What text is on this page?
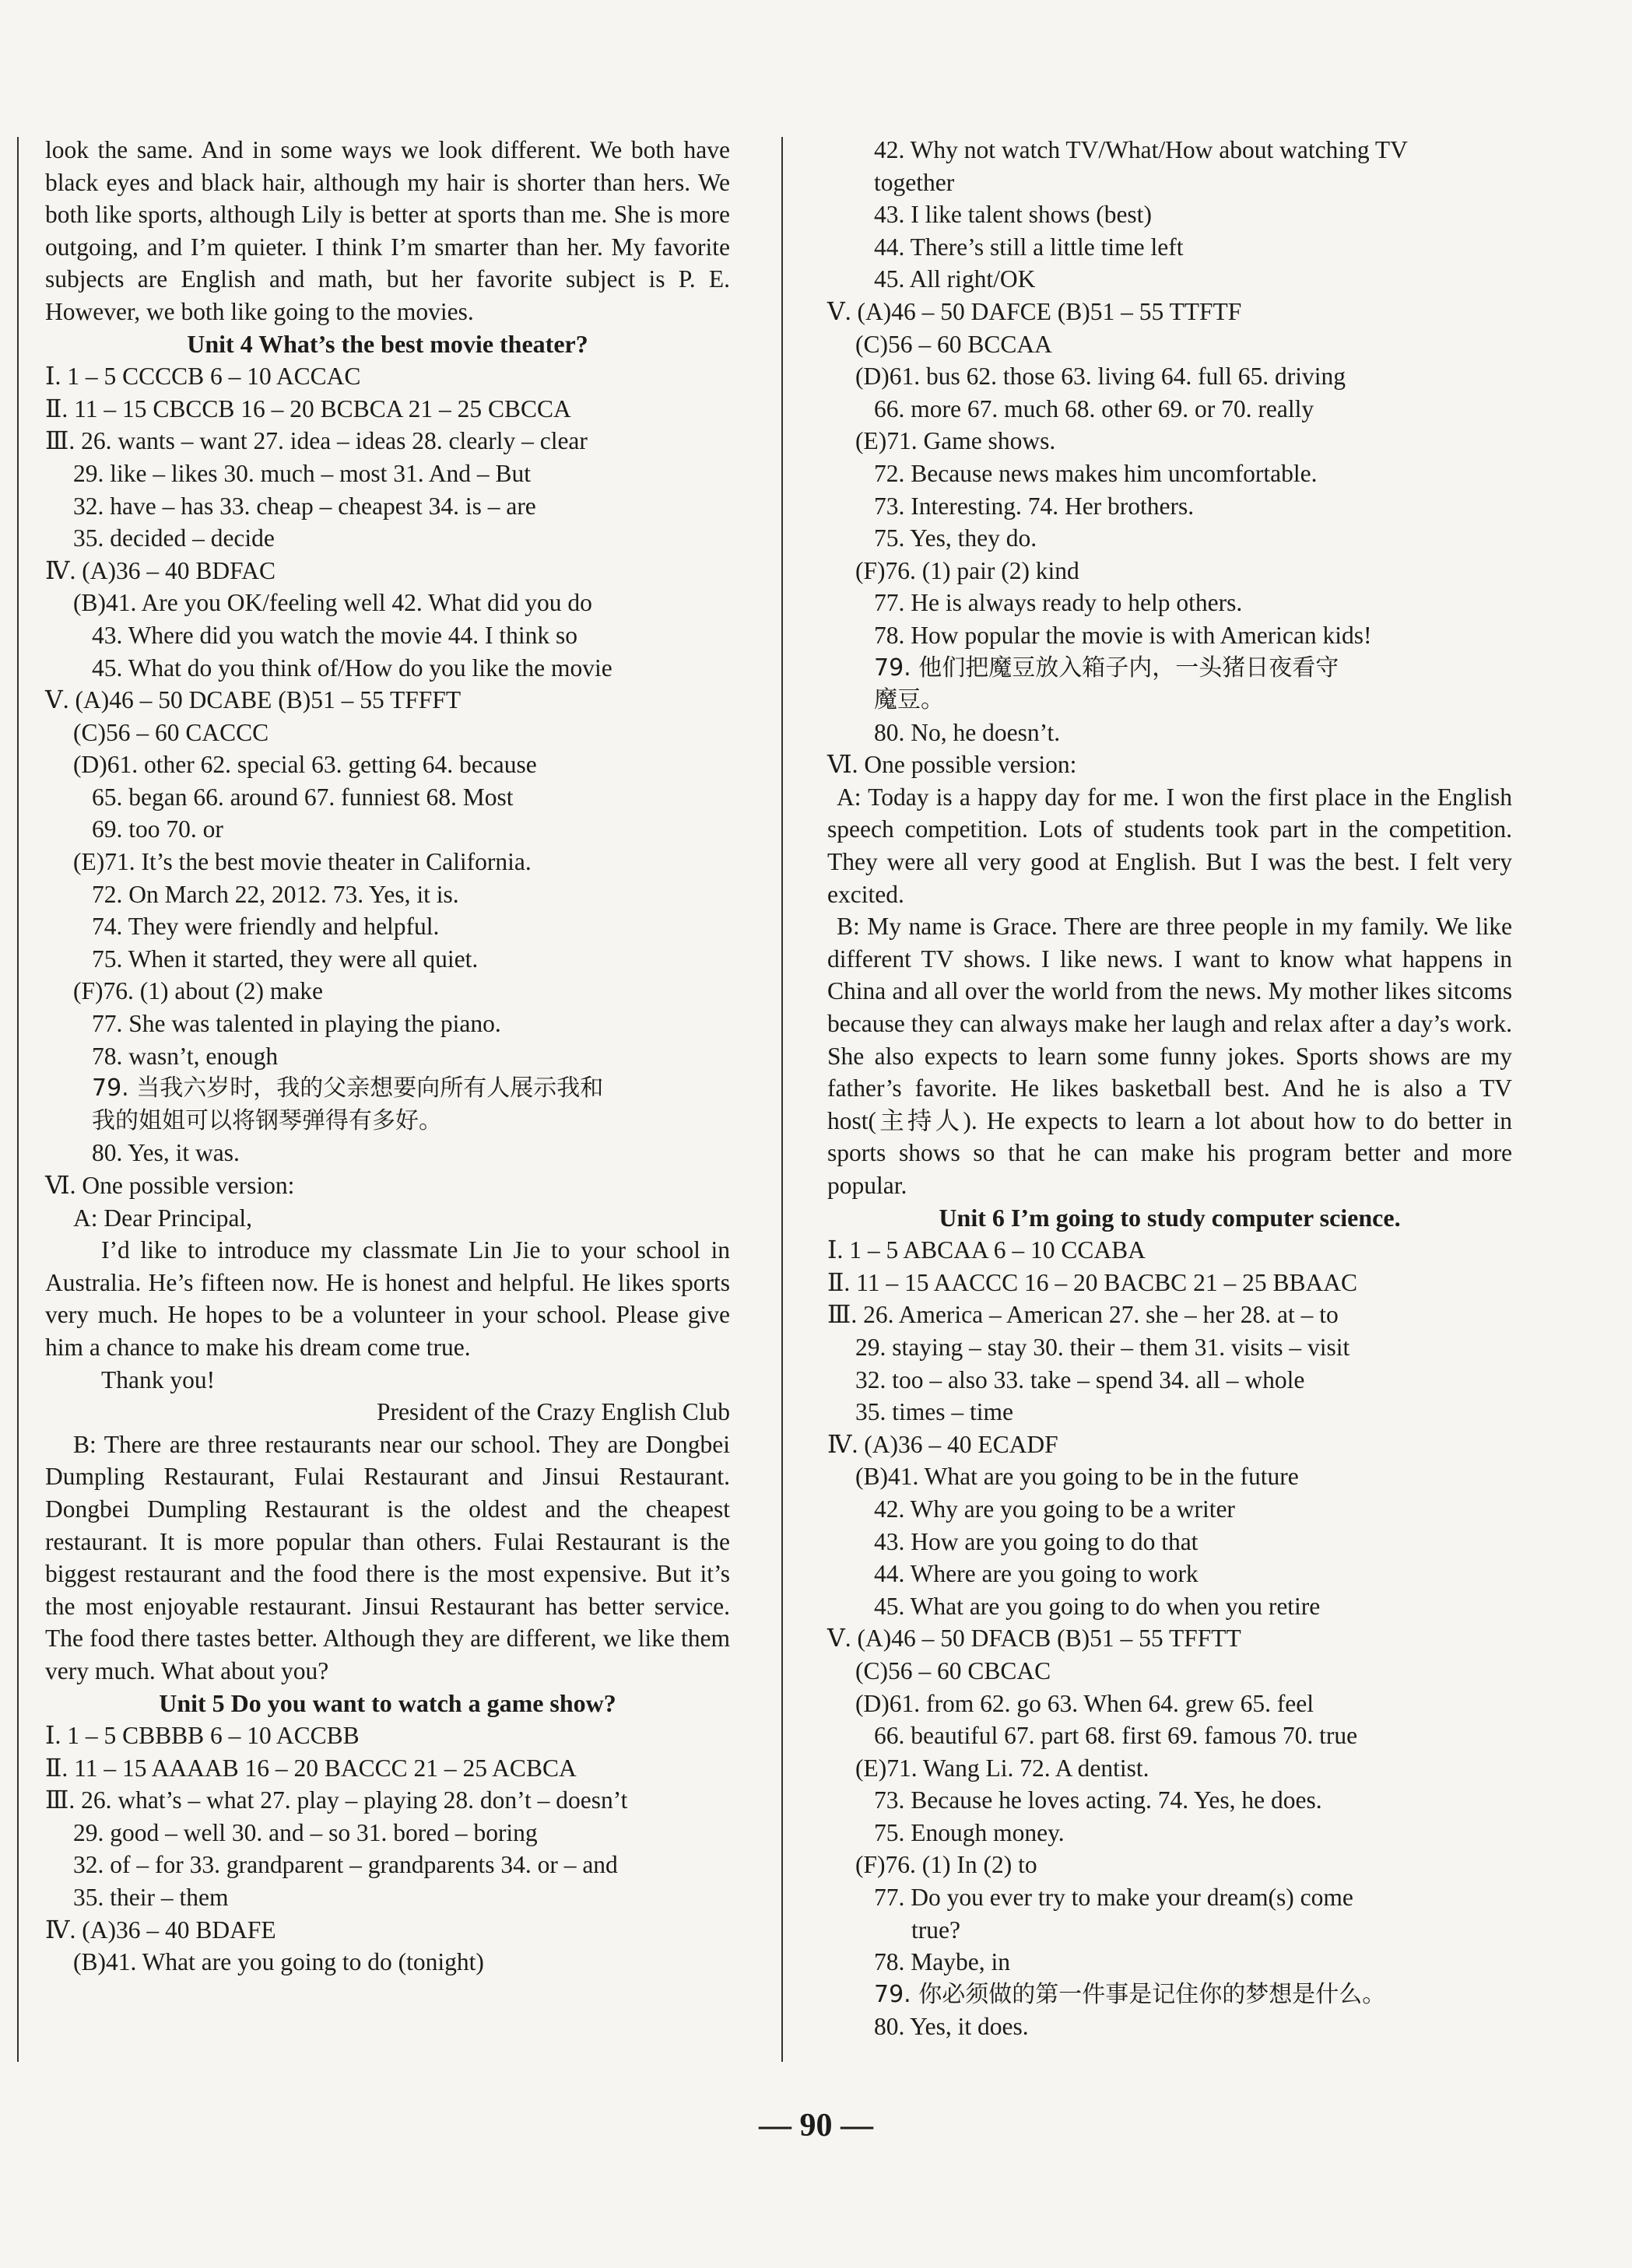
look the same. And in some ways we look different. We both have black eyes and black hair, although my hair is shorter than hers. We both like sports, although Lily is better at sports than me. She is more outgoing, and I’m quieter. I think I’m smarter than her. My favorite subjects are English and math, but her favorite subject is P. E. However, we both like going to the movies.
Unit 4 What’s the best movie theater?
Ⅰ. 1 – 5 CCCCB 6 – 10 ACCAC
Ⅱ. 11 – 15 CBCCB 16 – 20 BCBCA 21 – 25 CBCCA
Ⅲ. 26. wants – want 27. idea – ideas 28. clearly – clear
29. like – likes 30. much – most 31. And – But
32. have – has 33. cheap – cheapest 34. is – are
35. decided – decide
Ⅳ. (A)36 – 40 BDFAC
(B)41. Are you OK/feeling well 42. What did you do
43. Where did you watch the movie 44. I think so
45. What do you think of/How do you like the movie
Ⅴ. (A)46 – 50 DCABE (B)51 – 55 TFFFT
(C)56 – 60 CACCC
(D)61. other 62. special 63. getting 64. because
65. began 66. around 67. funniest 68. Most
69. too 70. or
(E)71. It’s the best movie theater in California.
72. On March 22, 2012. 73. Yes, it is.
74. They were friendly and helpful.
75. When it started, they were all quiet.
(F)76. (1) about (2) make
77. She was talented in playing the piano.
78. wasn’t, enough
79. 当我六岁时，我的父亲想要向所有人展示我和
我的姐姐可以将钢琴弹得有多好。
80. Yes, it was.
Ⅵ. One possible version:
A: Dear Principal,
I’d like to introduce my classmate Lin Jie to your school in Australia. He’s fifteen now. He is honest and helpful. He likes sports very much. He hopes to be a volunteer in your school. Please give him a chance to make his dream come true.
Thank you!
President of the Crazy English Club
B: There are three restaurants near our school. They are Dongbei Dumpling Restaurant, Fulai Restaurant and Jinsui Restaurant. Dongbei Dumpling Restaurant is the oldest and the cheapest restaurant. It is more popular than others. Fulai Restaurant is the biggest restaurant and the food there is the most expensive. But it’s the most enjoyable restaurant. Jinsui Restaurant has better service. The food there tastes better. Although they are different, we like them very much. What about you?
Unit 5 Do you want to watch a game show?
Ⅰ. 1 – 5 CBBBB 6 – 10 ACCBB
Ⅱ. 11 – 15 AAAAB 16 – 20 BACCC 21 – 25 ACBCA
Ⅲ. 26. what’s – what 27. play – playing 28. don’t – doesn’t
29. good – well 30. and – so 31. bored – boring
32. of – for 33. grandparent – grandparents 34. or – and
35. their – them
Ⅳ. (A)36 – 40 BDAFE
(B)41. What are you going to do (tonight)
42. Why not watch TV/What/How about watching TV
together
43. I like talent shows (best)
44. There’s still a little time left
45. All right/OK
Ⅴ. (A)46 – 50 DAFCE (B)51 – 55 TTFTF
(C)56 – 60 BCCAA
(D)61. bus 62. those 63. living 64. full 65. driving
66. more 67. much 68. other 69. or 70. really
(E)71. Game shows.
72. Because news makes him uncomfortable.
73. Interesting. 74. Her brothers.
75. Yes, they do.
(F)76. (1) pair (2) kind
77. He is always ready to help others.
78. How popular the movie is with American kids!
79. 他们把魔豆放入箱子内，一头猪日夜看守
魔豆。
80. No, he doesn’t.
Ⅵ. One possible version:
A: Today is a happy day for me. I won the first place in the English speech competition. Lots of students took part in the competition. They were all very good at English. But I was the best. I felt very excited.
B: My name is Grace. There are three people in my family. We like different TV shows. I like news. I want to know what happens in China and all over the world from the news. My mother likes sitcoms because they can always make her laugh and relax after a day’s work. She also expects to learn some funny jokes. Sports shows are my father’s favorite. He likes basketball best. And he is also a TV host(主持人). He expects to learn a lot about how to do better in sports shows so that he can make his program better and more popular.
Unit 6 I’m going to study computer science.
Ⅰ. 1 – 5 ABCAA 6 – 10 CCABA
Ⅱ. 11 – 15 AACCC 16 – 20 BACBC 21 – 25 BBAAC
Ⅲ. 26. America – American 27. she – her 28. at – to
29. staying – stay 30. their – them 31. visits – visit
32. too – also 33. take – spend 34. all – whole
35. times – time
Ⅳ. (A)36 – 40 ECADF
(B)41. What are you going to be in the future
42. Why are you going to be a writer
43. How are you going to do that
44. Where are you going to work
45. What are you going to do when you retire
Ⅴ. (A)46 – 50 DFACB (B)51 – 55 TFFTT
(C)56 – 60 CBCAC
(D)61. from 62. go 63. When 64. grew 65. feel
66. beautiful 67. part 68. first 69. famous 70. true
(E)71. Wang Li. 72. A dentist.
73. Because he loves acting. 74. Yes, he does.
75. Enough money.
(F)76. (1) In (2) to
77. Do you ever try to make your dream(s) come
true?
78. Maybe, in
79. 你必须做的第一件事是记住你的梦想是什么。
80. Yes, it does.
— 90 —
